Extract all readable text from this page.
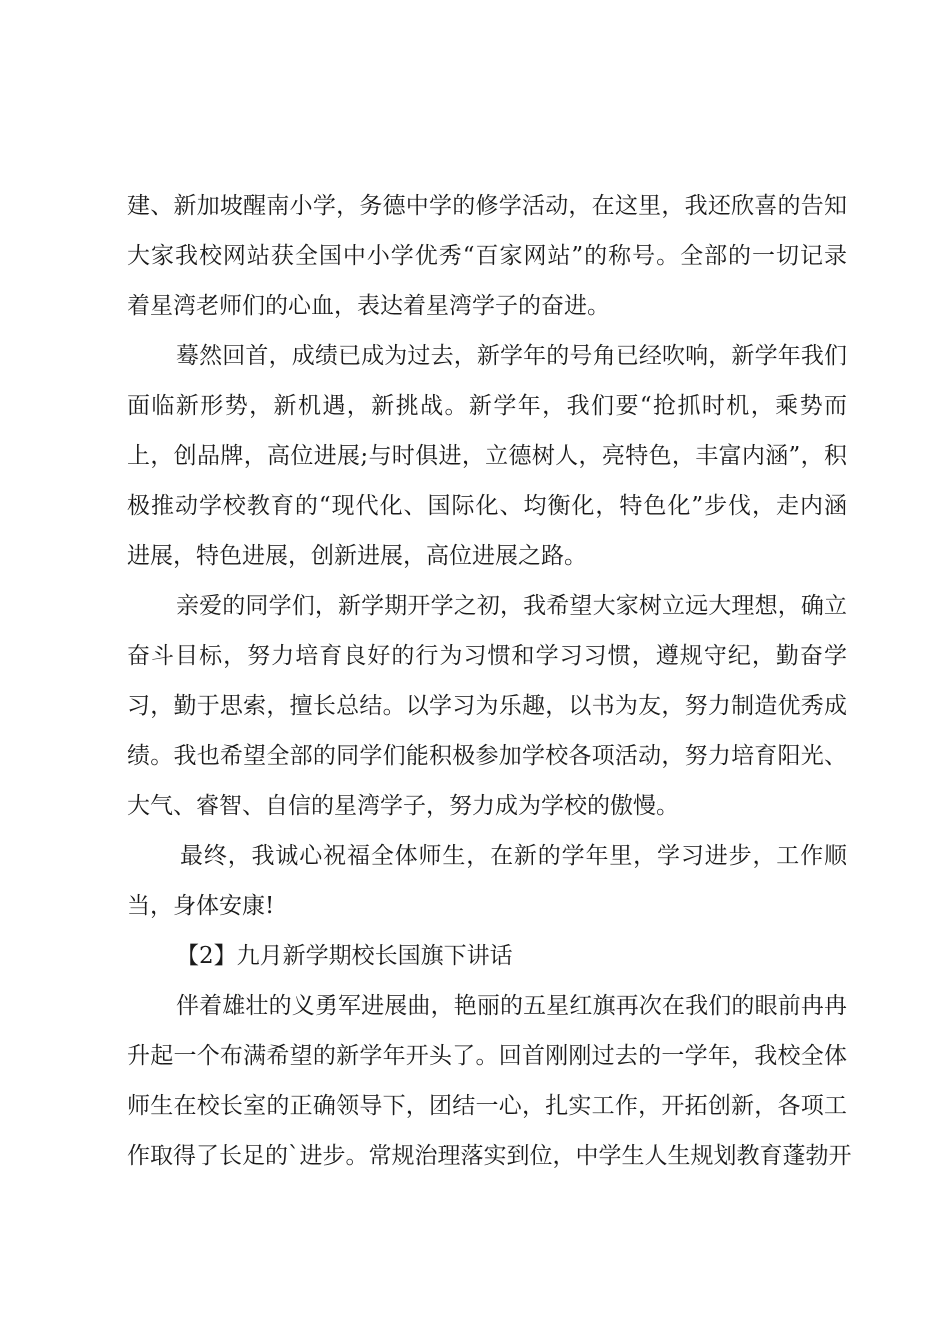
建、新加坡醒南小学，务德中学的修学活动，在这里，我还欣喜的告知
大家我校网站获全国中小学优秀“百家网站”的称号。全部的一切记录
着星湾老师们的心血，表达着星湾学子的奋进。
蓦然回首，成绩已成为过去，新学年的号角已经吹响，新学年我们
面临新形势，新机遇，新挑战。新学年，我们要“抢抓时机，乘势而
上，创品牌，高位进展;与时俱进，立德树人，亮特色，丰富内涵”，积
极推动学校教育的“现代化、国际化、均衡化，特色化”步伐，走内涵
进展，特色进展，创新进展，高位进展之路。
亲爱的同学们，新学期开学之初，我希望大家树立远大理想，确立
奋斗目标，努力培育良好的行为习惯和学习习惯，遵规守纪，勤奋学
习，勤于思索，擅长总结。以学习为乐趣，以书为友，努力制造优秀成
绩。我也希望全部的同学们能积极参加学校各项活动，努力培育阳光、
大气、睿智、自信的星湾学子，努力成为学校的傲慢。
最终，我诚心祝福全体师生，在新的学年里，学习进步，工作顺
当，身体安康!
【2】九月新学期校长国旗下讲话
伴着雄壮的义勇军进展曲，艳丽的五星红旗再次在我们的眼前冉冉
升起一个布满希望的新学年开头了。回首刚刚过去的一学年，我校全体
师生在校长室的正确领导下，团结一心，扎实工作，开拓创新，各项工
作取得了长足的`进步。常规治理落实到位，中学生人生规划教育蓬勃开
